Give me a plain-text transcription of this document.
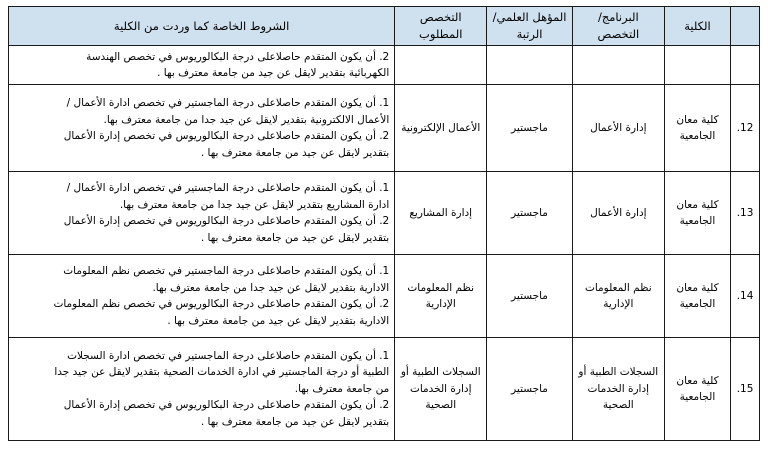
	الكلية	البرنامج/ التخصص	المؤهل العلمي/الرتبة	التخصص المطلوب	الشروط الخاصة كما وردت من الكلية

					2. أن يكون المتقدم حاصلاعلى درجة البكالوريوس في تخصص الهندسة
الكهربائية بتقدير لايقل عن جيد من جامعة معترف بها .

12.	كلية معان الجامعية	إدارة الأعمال	ماجستير	الأعمال الإلكترونية	1. أن يكون المتقدم حاصلاعلى درجة الماجستير في تخصص ادارة الأعمال /
الأعمال الالكترونية بتقدير لايقل عن جيد جدا من جامعة معترف بها.
2. أن يكون المتقدم حاصلاعلى درجة البكالوريوس في تخصص إدارة الأعمال
بتقدير لايقل عن جيد من جامعة معترف بها .

13.	كلية معان الجامعية	إدارة الأعمال	ماجستير	إدارة المشاريع	1. أن يكون المتقدم حاصلاعلى درجة الماجستير في تخصص ادارة الأعمال /
ادارة المشاريع بتقدير لايقل عن جيد جدا من جامعة معترف بها.
2. أن يكون المتقدم حاصلاعلى درجة البكالوريوس في تخصص إدارة الأعمال
بتقدير لايقل عن جيد من جامعة معترف بها .

14.	كلية معان الجامعية	نظم المعلومات الإدارية	ماجستير	نظم المعلومات الإدارية	1. أن يكون المتقدم حاصلاعلى درجة الماجستير في تخصص نظم المعلومات
الادارية بتقدير لايقل عن جيد جدا من جامعة معترف بها.
2. أن يكون المتقدم حاصلاعلى درجة البكالوريوس في تخصص نظم المعلومات
الادارية بتقدير لايقل عن جيد من جامعة معترف بها .

15.	كلية معان الجامعية	السجلات الطبية أو إدارة الخدمات الصحية	ماجستير	السجلات الطبية أو إدارة الخدمات الصحية	1. أن يكون المتقدم حاصلاعلى درجة الماجستير في تخصص ادارة السجلات
الطبية أو درجة الماجستير في ادارة الخدمات الصحية بتقدير لايقل عن جيد جدا
من جامعة معترف بها.
2. أن يكون المتقدم حاصلاعلى درجة البكالوريوس في تخصص إدارة الأعمال
بتقدير لايقل عن جيد من جامعة معترف بها .
